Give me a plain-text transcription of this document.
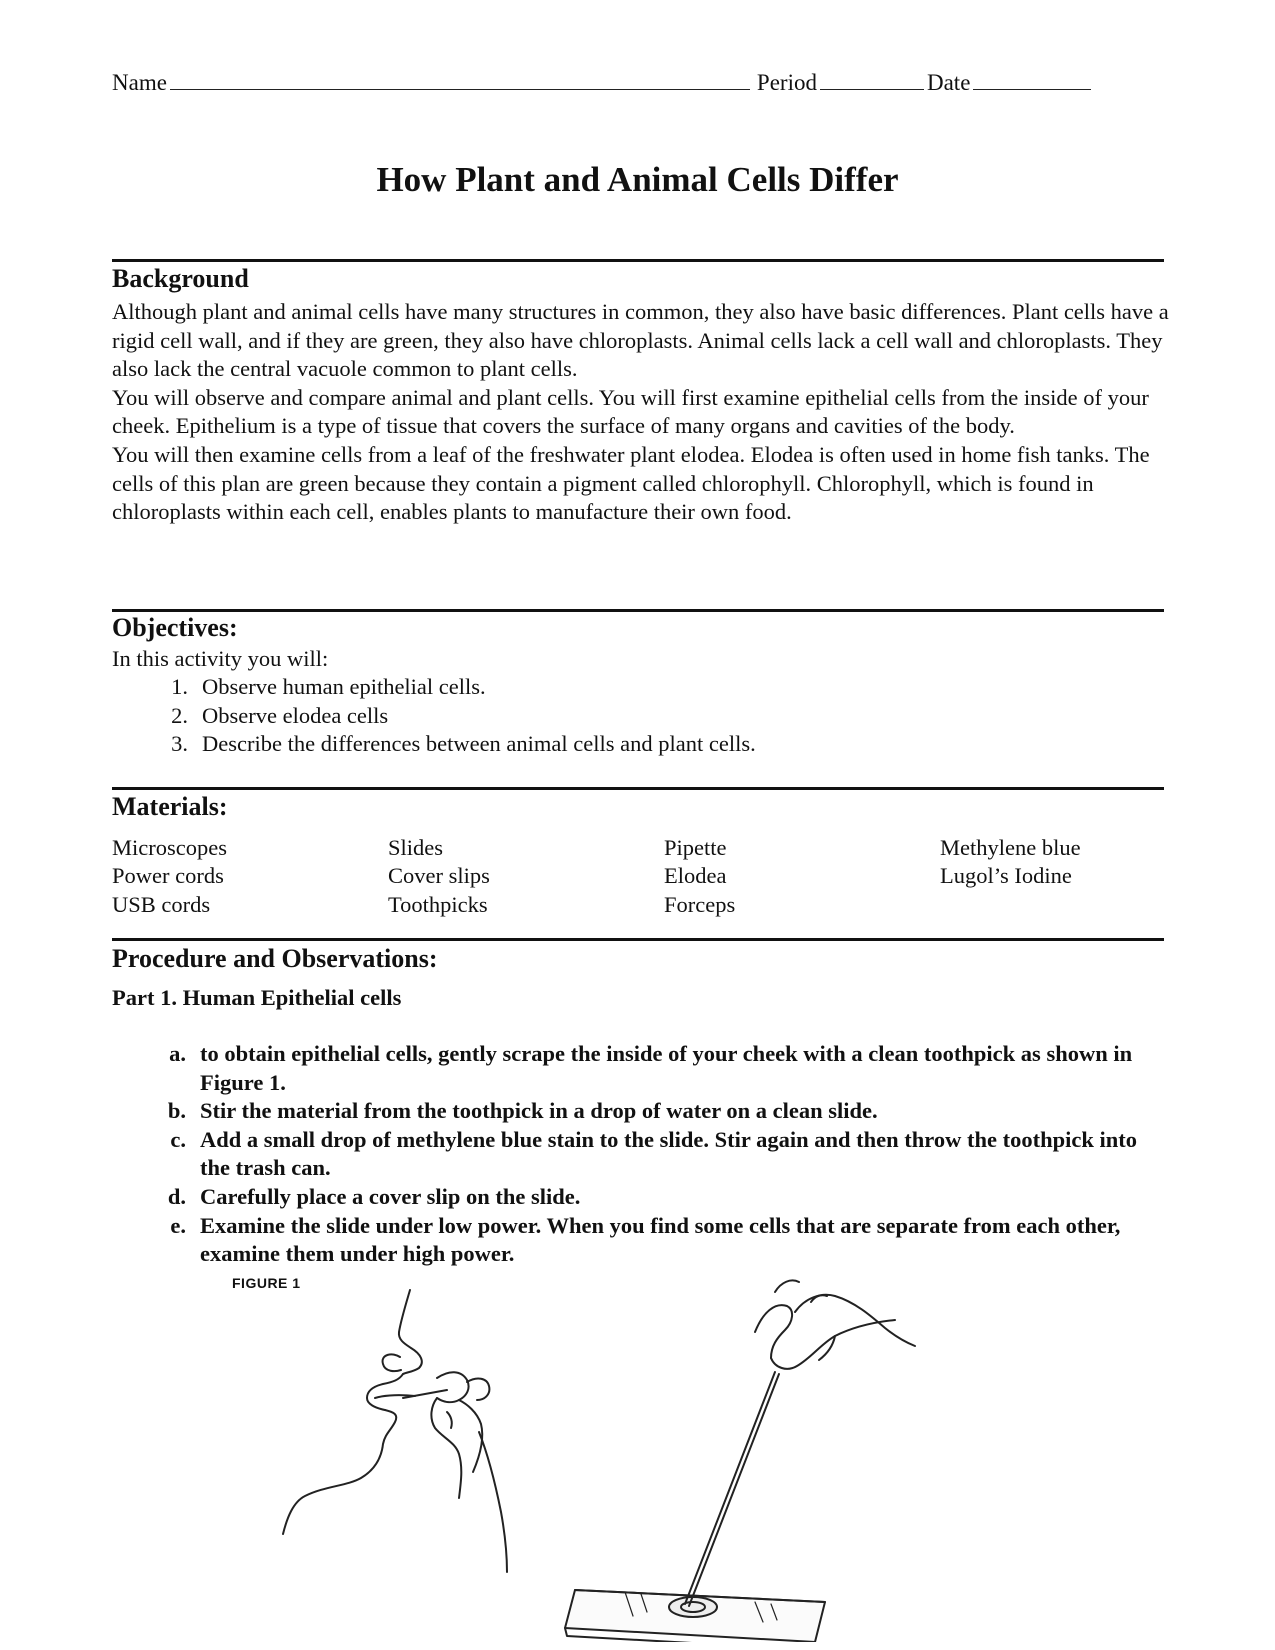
Name	Period	Date
How Plant and Animal Cells Differ
Background
Although plant and animal cells have many structures in common, they also have basic differences. Plant cells have a rigid cell wall, and if they are green, they also have chloroplasts. Animal cells lack a cell wall and chloroplasts. They also lack the central vacuole common to plant cells.
You will observe and compare animal and plant cells. You will first examine epithelial cells from the inside of your cheek. Epithelium is a type of tissue that covers the surface of many organs and cavities of the body.
You will then examine cells from a leaf of the freshwater plant elodea. Elodea is often used in home fish tanks. The cells of this plan are green because they contain a pigment called chlorophyll. Chlorophyll, which is found in chloroplasts within each cell, enables plants to manufacture their own food.
Objectives:
In this activity you will:
1. Observe human epithelial cells.
2. Observe elodea cells
3. Describe the differences between animal cells and plant cells.
Materials:
Microscopes
Power cords
USB cords
Slides
Cover slips
Toothpicks
Pipette
Elodea
Forceps
Methylene blue
Lugol’s Iodine
Procedure and Observations:
Part 1. Human Epithelial cells
a. to obtain epithelial cells, gently scrape the inside of your cheek with a clean toothpick as shown in Figure 1.
b. Stir the material from the toothpick in a drop of water on a clean slide.
c. Add a small drop of methylene blue stain to the slide. Stir again and then throw the toothpick into the trash can.
d. Carefully place a cover slip on the slide.
e. Examine the slide under low power. When you find some cells that are separate from each other, examine them under high power.
FIGURE 1
